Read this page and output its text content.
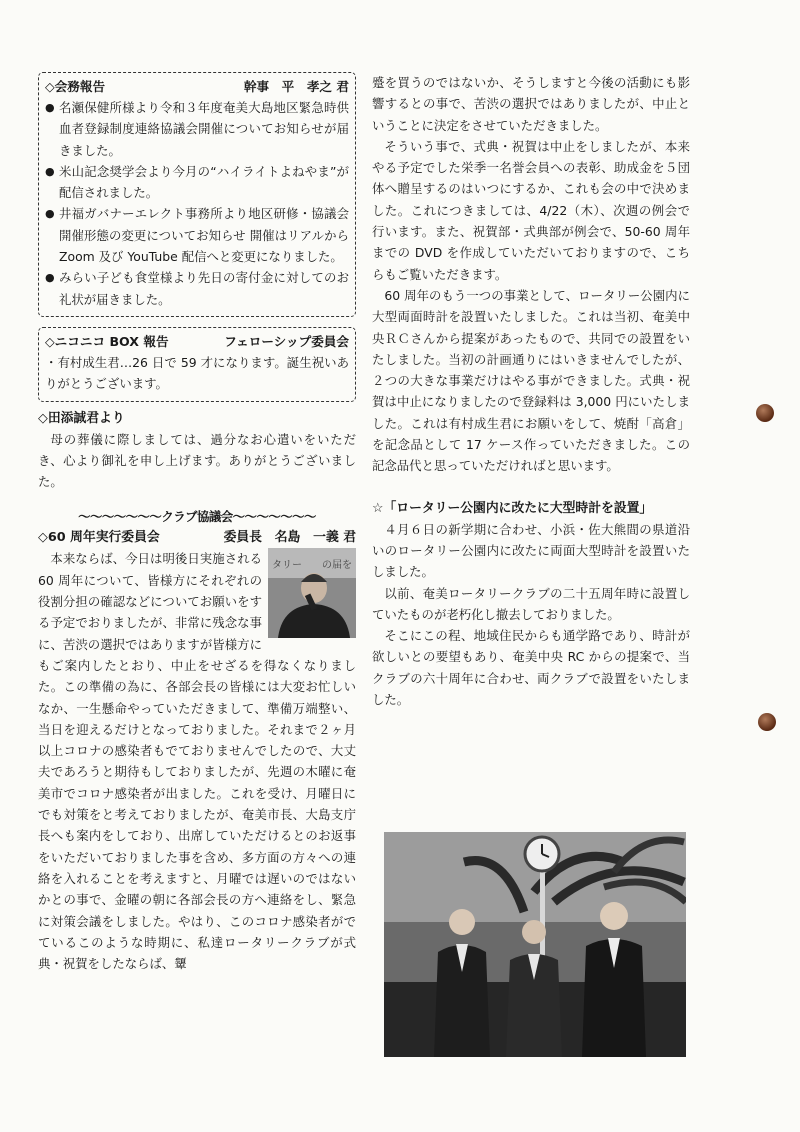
◇会務報告	幹事　平　孝之 君
● 名瀬保健所様より令和３年度奄美大島地区緊急時供血者登録制度連絡協議会開催についてお知らせが届きました。
● 米山記念奨学会より今月の“ハイライトよねやま”が配信されました。
● 井福ガバナーエレクト事務所より地区研修・協議会開催形態の変更についてお知らせ 開催はリアルから Zoom 及び YouTube 配信へと変更になりました。
● みらい子ども食堂様より先日の寄付金に対してのお礼状が届きました。
◇ニコニコ BOX 報告	フェローシップ委員会

・有村成生君…26 日で 59 才になります。誕生祝いありがとうございます。

◇田添誠君より

母の葬儀に際しましては、過分なお心遣いをいただき、心より御礼を申し上げます。ありがとうございました。

〜〜〜〜〜〜〜クラブ協議会〜〜〜〜〜〜〜
◇60 周年実行委員会	委員長　名島　一義 君
タリー の届を

本来ならば、今日は明後日実施される 60 周年について、皆様方にそれぞれの役割分担の確認などについてお願いをする予定でおりましたが、非常に残念な事に、苦渋の選択ではありますが皆様方にもご案内したとおり、中止をせざるを得なくなりました。この準備の為に、各部会長の皆様には大変お忙しいなか、一生懸命やっていただきまして、準備万端整い、当日を迎えるだけとなっておりました。それまで２ヶ月以上コロナの感染者もでておりませんでしたので、大丈夫であろうと期待もしておりましたが、先週の木曜に奄美市でコロナ感染者が出ました。これを受け、月曜日にでも対策をと考えておりましたが、奄美市長、大島支庁長へも案内をしており、出席していただけるとのお返事をいただいておりました事を含め、多方面の方々への連絡を入れることを考えますと、月曜では遅いのではないかとの事で、金曜の朝に各部会長の方へ連絡をし、緊急に対策会議をしました。やはり、このコロナ感染者がでているこのような時期に、私達ロータリークラブが式典・祝賀をしたならば、顰

蹙を買うのではないか、そうしますと今後の活動にも影響するとの事で、苦渋の選択ではありましたが、中止ということに決定をさせていただきました。

そういう事で、式典・祝賀は中止をしましたが、本来やる予定でした栄季一名誉会員への表彰、助成金を５団体へ贈呈するのはいつにするか、これも会の中で決めました。これにつきましては、4/22（木）、次週の例会で行います。また、祝賀部・式典部が例会で、50-60 周年までの DVD を作成していただいておりますので、こちらもご覧いただきます。

60 周年のもう一つの事業として、ロータリー公園内に大型両面時計を設置いたしました。これは当初、奄美中央ＲＣさんから提案があったもので、共同での設置をいたしました。当初の計画通りにはいきませんでしたが、２つの大きな事業だけはやる事ができました。式典・祝賀は中止になりましたので登録料は 3,000 円にいたしました。これは有村成生君にお願いをして、焼酎「高倉」を記念品として 17 ケース作っていただきました。この記念品代と思っていただければと思います。

☆「ロータリー公園内に改たに大型時計を設置」

４月６日の新学期に合わせ、小浜・佐大熊間の県道沿いのロータリー公園内に改たに両面大型時計を設置いたしました。

以前、奄美ロータリークラブの二十五周年時に設置していたものが老朽化し撤去しておりました。

そこにこの程、地域住民からも通学路であり、時計が欲しいとの要望もあり、奄美中央 RC からの提案で、当クラブの六十周年に合わせ、両クラブで設置をいたしました。
